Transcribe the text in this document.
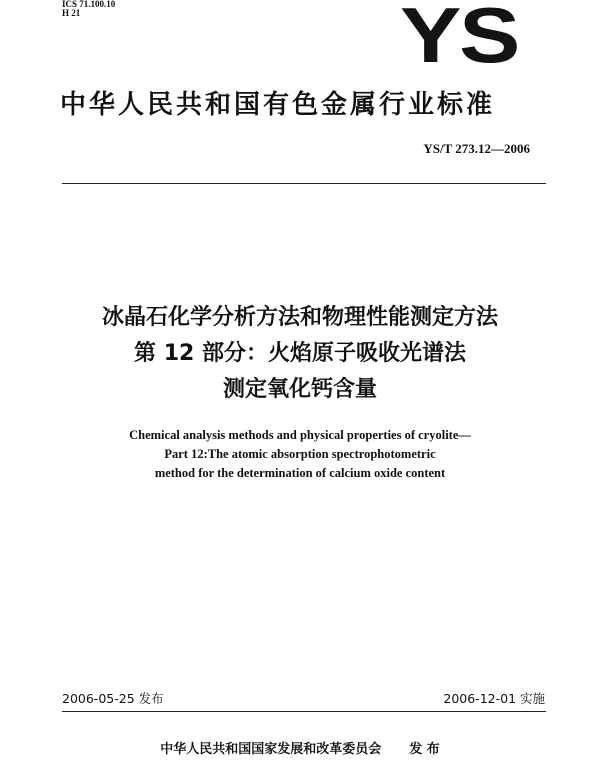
ICS 71.100.10
H 21	YS
中华人民共和国有色金属行业标准
YS/T 273.12—2006
冰晶石化学分析方法和物理性能测定方法
第 12 部分：火焰原子吸收光谱法
测定氧化钙含量
Chemical analysis methods and physical properties of cryolite—
Part 12:The atomic absorption spectrophotometric
method for the determination of calcium oxide content
2006-05-25 发布	2006-12-01 实施
中华人民共和国国家发展和改革委员会 发 布
